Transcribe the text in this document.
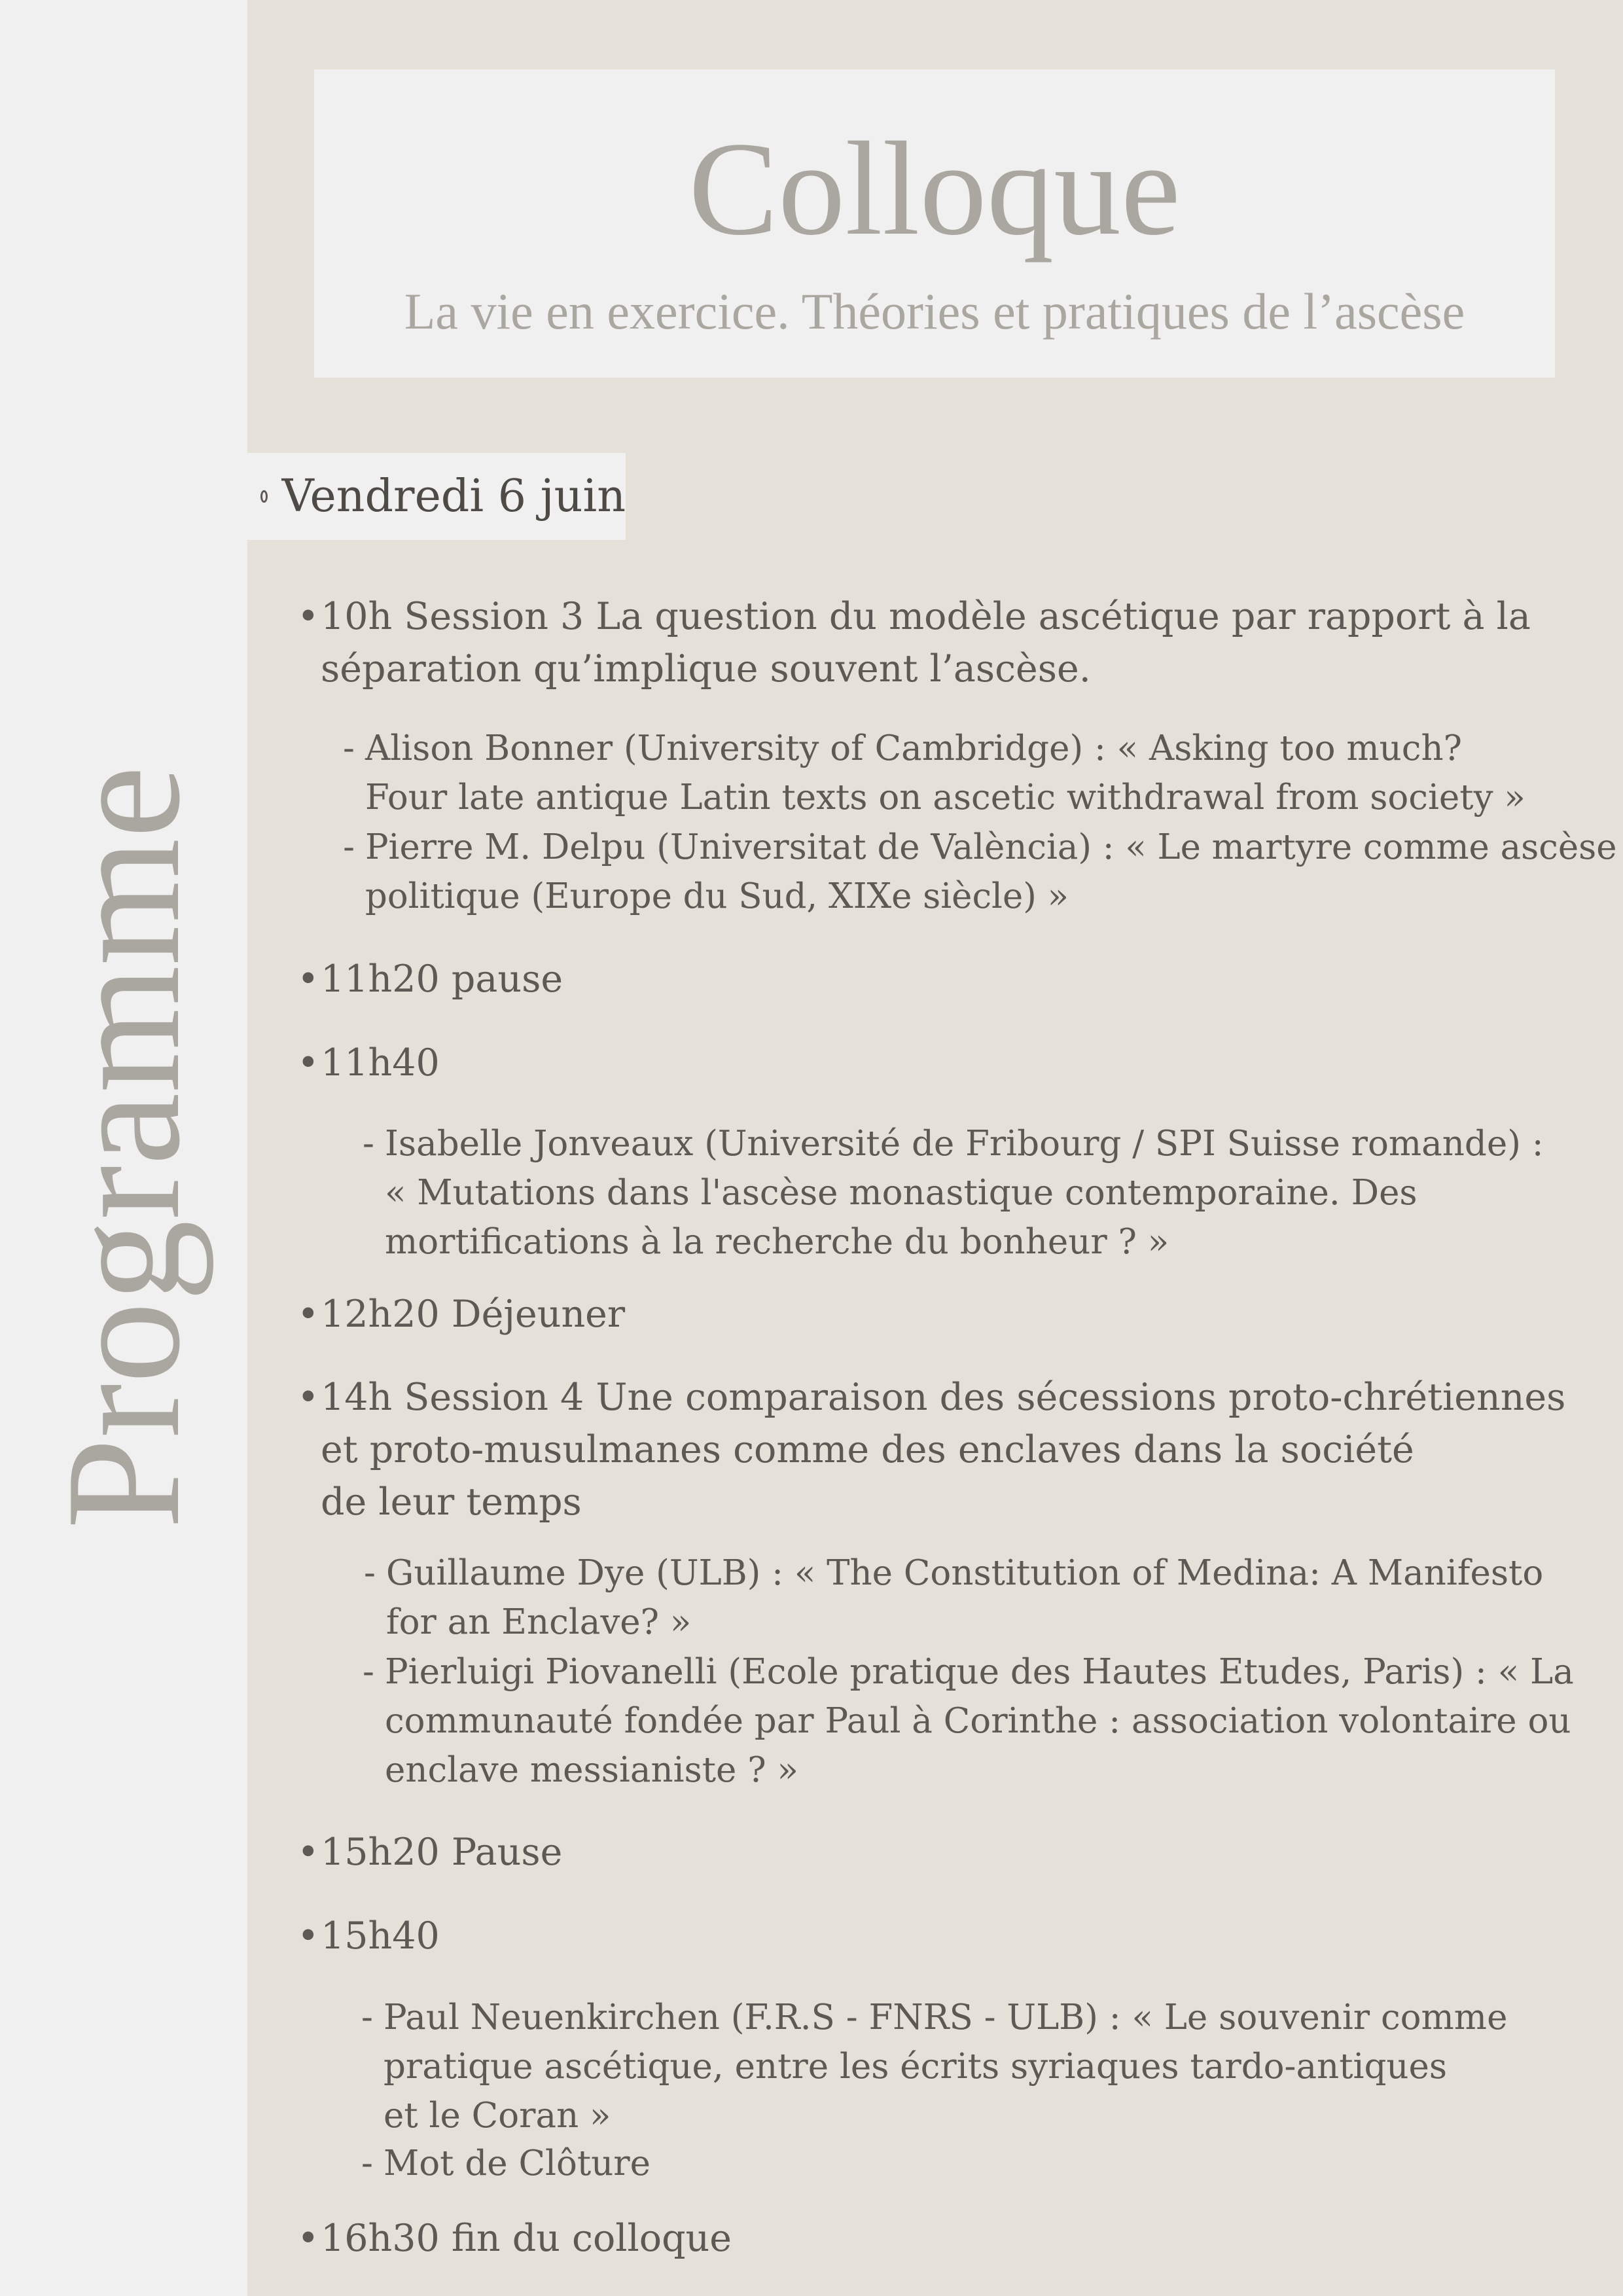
Programme
Colloque
La vie en exercice. Théories et pratiques de l’ascèse
Vendredi 6 juin
• 10h Session 3 La question du modèle ascétique par rapport à la
séparation qu’implique souvent l’ascèse.
- Alison Bonner (University of Cambridge) : « Asking too much?
Four late antique Latin texts on ascetic withdrawal from society »
- Pierre M. Delpu (Universitat de València) : « Le martyre comme ascèse
politique (Europe du Sud, XIXe siècle) »
• 11h20 pause
• 11h40
- Isabelle Jonveaux (Université de Fribourg / SPI Suisse romande) :
« Mutations dans l'ascèse monastique contemporaine. Des
mortifications à la recherche du bonheur ? »
• 12h20 Déjeuner
• 14h Session 4 Une comparaison des sécessions proto-chrétiennes
et proto-musulmanes comme des enclaves dans la société
de leur temps
- Guillaume Dye (ULB) : « The Constitution of Medina: A Manifesto
for an Enclave? »
- Pierluigi Piovanelli (Ecole pratique des Hautes Etudes, Paris) : « La
communauté fondée par Paul à Corinthe : association volontaire ou
enclave messianiste ? »
• 15h20 Pause
• 15h40
- Paul Neuenkirchen (F.R.S - FNRS - ULB) : « Le souvenir comme
pratique ascétique, entre les écrits syriaques tardo-antiques
et le Coran »
- Mot de Clôture
• 16h30 fin du colloque
